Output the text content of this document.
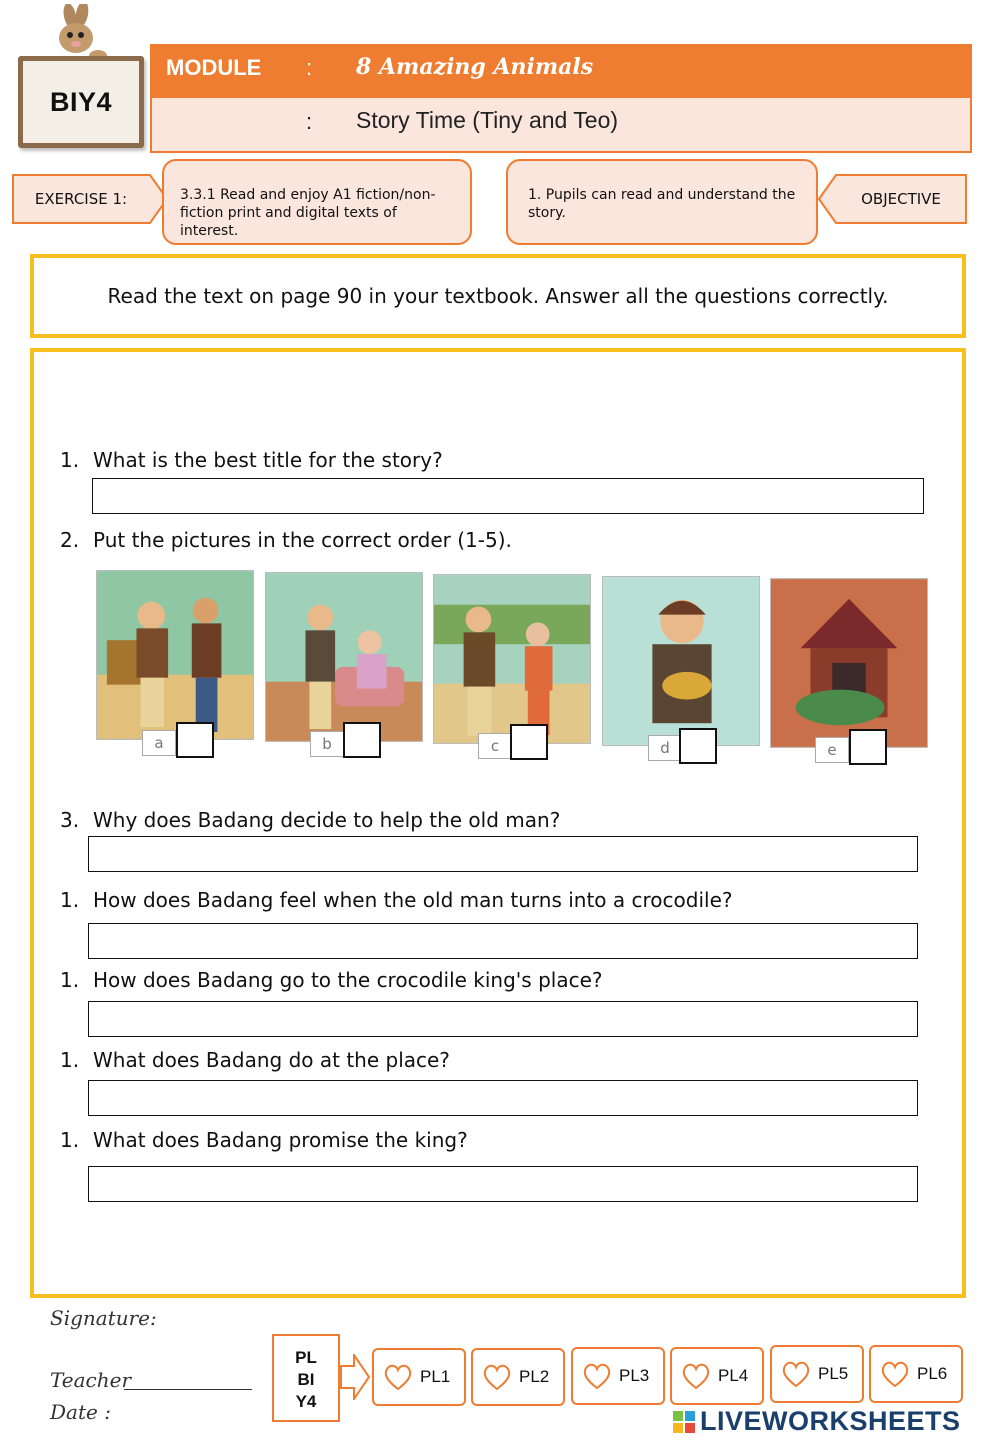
BIY4
MODULE : 8 Amazing Animals
: Story Time (Tiny and Teo)
EXERCISE 1:	3.3.1 Read and enjoy A1 fiction/non-fiction print and digital texts of interest.
1. Pupils can read and understand the story.
OBJECTIVE
Read the text on page 90 in your textbook. Answer all the questions correctly.
1. What is the best title for the story?
2. Put the pictures in the correct order (1-5).
a	b	c	d	e
3. Why does Badang decide to help the old man?
1. How does Badang feel when the old man turns into a crocodile?
1. How does Badang go to the crocodile king's place?
1. What does Badang do at the place?
1. What does Badang promise the king?
Signature:
Teacher
Date :
PL
BI
Y4
PL1	PL2	PL3	PL4	PL5	PL6
LIVEWORKSHEETS
